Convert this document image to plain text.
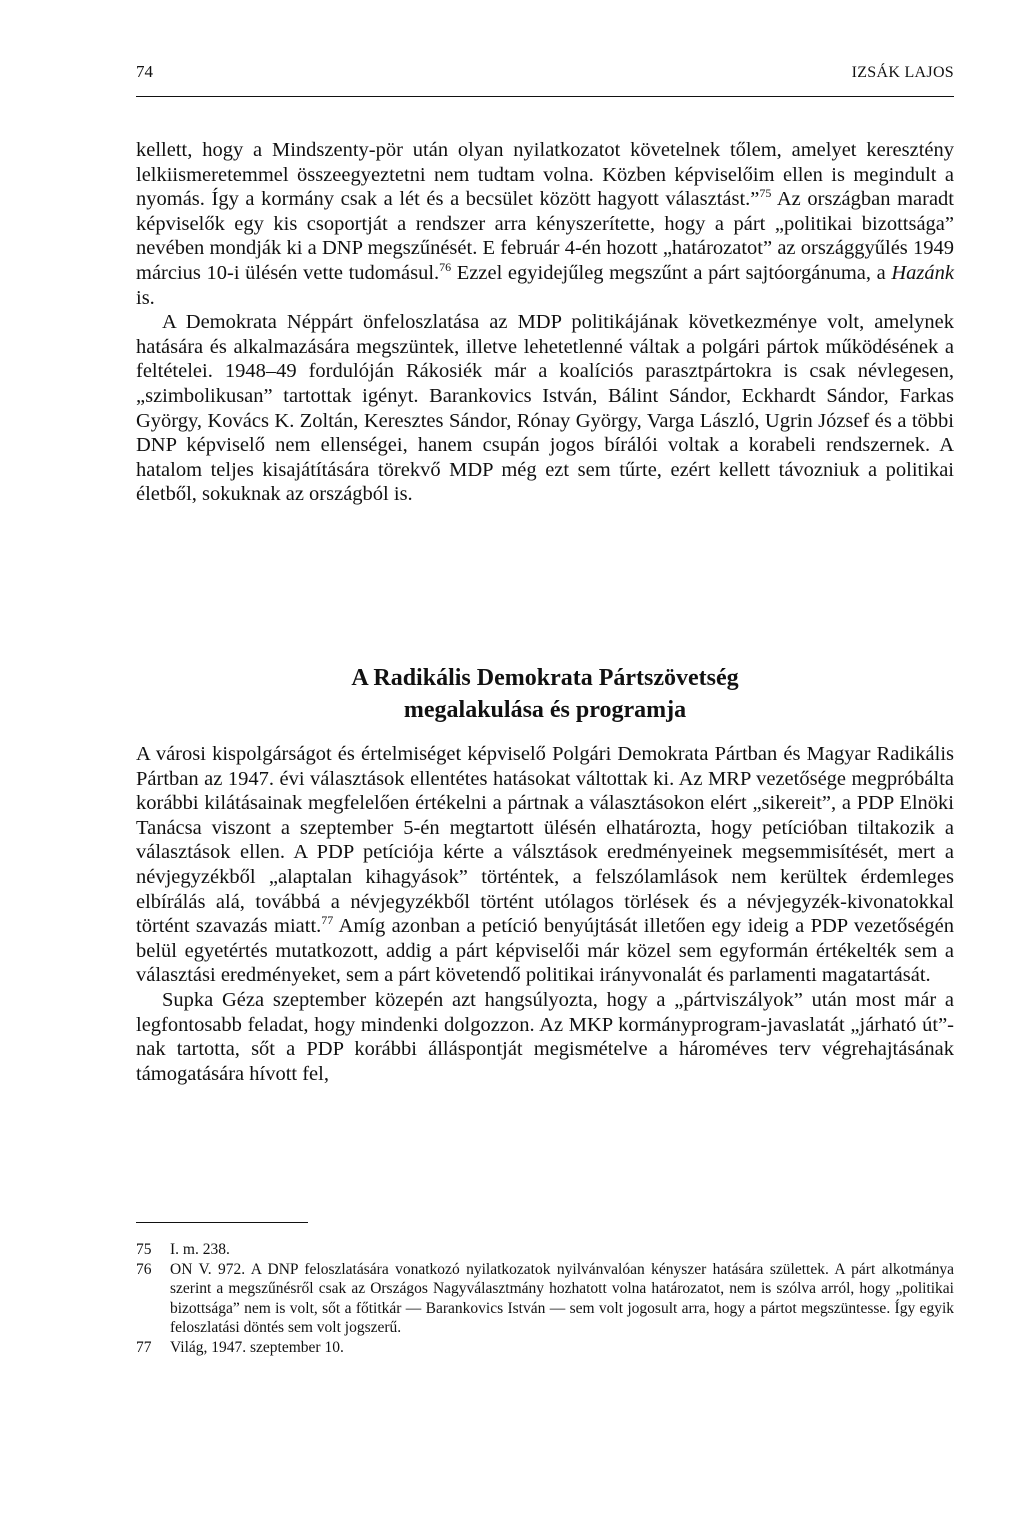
74	IZSÁK LAJOS

kellett, hogy a Mindszenty-pör után olyan nyilatkozatot követelnek tőlem, amelyet keresztény lelkiismeretemmel összeegyeztetni nem tudtam volna. Közben képviselőim ellen is megindult a nyomás. Így a kormány csak a lét és a becsület között hagyott választást.”$^{75}$ Az országban maradt képviselők egy kis csoportját a rendszer arra kényszerítette, hogy a párt „politikai bizottsága” nevében mondják ki a DNP megszűnését. E február 4-én hozott „határozatot” az országgyűlés 1949 március 10-i ülésén vette tudomásul.$^{76}$ Ezzel egyidejűleg megszűnt a párt sajtóorgánuma, a Hazánk is.

A Demokrata Néppárt önfeloszlatása az MDP politikájának következménye volt, amelynek hatására és alkalmazására megszüntek, illetve lehetetlenné váltak a polgári pártok működésének a feltételei. 1948–49 fordulóján Rákosiék már a koalíciós parasztpártokra is csak névlegesen, „szimbolikusan” tartottak igényt. Barankovics István, Bálint Sándor, Eckhardt Sándor, Farkas György, Kovács K. Zoltán, Keresztes Sándor, Rónay György, Varga László, Ugrin József és a többi DNP képviselő nem ellenségei, hanem csupán jogos bírálói voltak a korabeli rendszernek. A hatalom teljes kisajátítására törekvő MDP még ezt sem tűrte, ezért kellett távozniuk a politikai életből, sokuknak az országból is.

A Radikális Demokrata Pártszövetség
megalakulása és programja

A városi kispolgárságot és értelmiséget képviselő Polgári Demokrata Pártban és Magyar Radikális Pártban az 1947. évi választások ellentétes hatásokat váltottak ki. Az MRP vezetősége megpróbálta korábbi kilátásainak megfelelően értékelni a pártnak a választásokon elért „sikereit”, a PDP Elnöki Tanácsa viszont a szeptember 5-én megtartott ülésén elhatározta, hogy petícióban tiltakozik a választások ellen. A PDP petíciója kérte a válsztások eredményeinek megsemmisítését, mert a névjegyzékből „alaptalan kihagyások” történtek, a felszólamlások nem kerültek érdemleges elbírálás alá, továbbá a névjegyzékből történt utólagos törlések és a névjegyzék-kivonatokkal történt szavazás miatt.$^{77}$ Amíg azonban a petíció benyújtását illetően egy ideig a PDP vezetőségén belül egyetértés mutatkozott, addig a párt képviselői már közel sem egyformán értékelték sem a választási eredményeket, sem a párt követendő politikai irányvonalát és parlamenti magatartását.

Supka Géza szeptember közepén azt hangsúlyozta, hogy a „pártviszályok” után most már a legfontosabb feladat, hogy mindenki dolgozzon. Az MKP kormányprogram-javaslatát „járható út”-nak tartotta, sőt a PDP korábbi álláspontját megismételve a hároméves terv végrehajtásának támogatására hívott fel,

75	I. m. 238.
76	ON V. 972. A DNP feloszlatására vonatkozó nyilatkozatok nyilvánvalóan kényszer hatására születtek. A párt alkotmánya szerint a megszűnésről csak az Országos Nagyválasztmány hozhatott volna határozatot, nem is szólva arról, hogy „politikai bizottsága” nem is volt, sőt a főtitkár — Barankovics István — sem volt jogosult arra, hogy a pártot megszüntesse. Így egyik feloszlatási döntés sem volt jogszerű.
77	Világ, 1947. szeptember 10.
